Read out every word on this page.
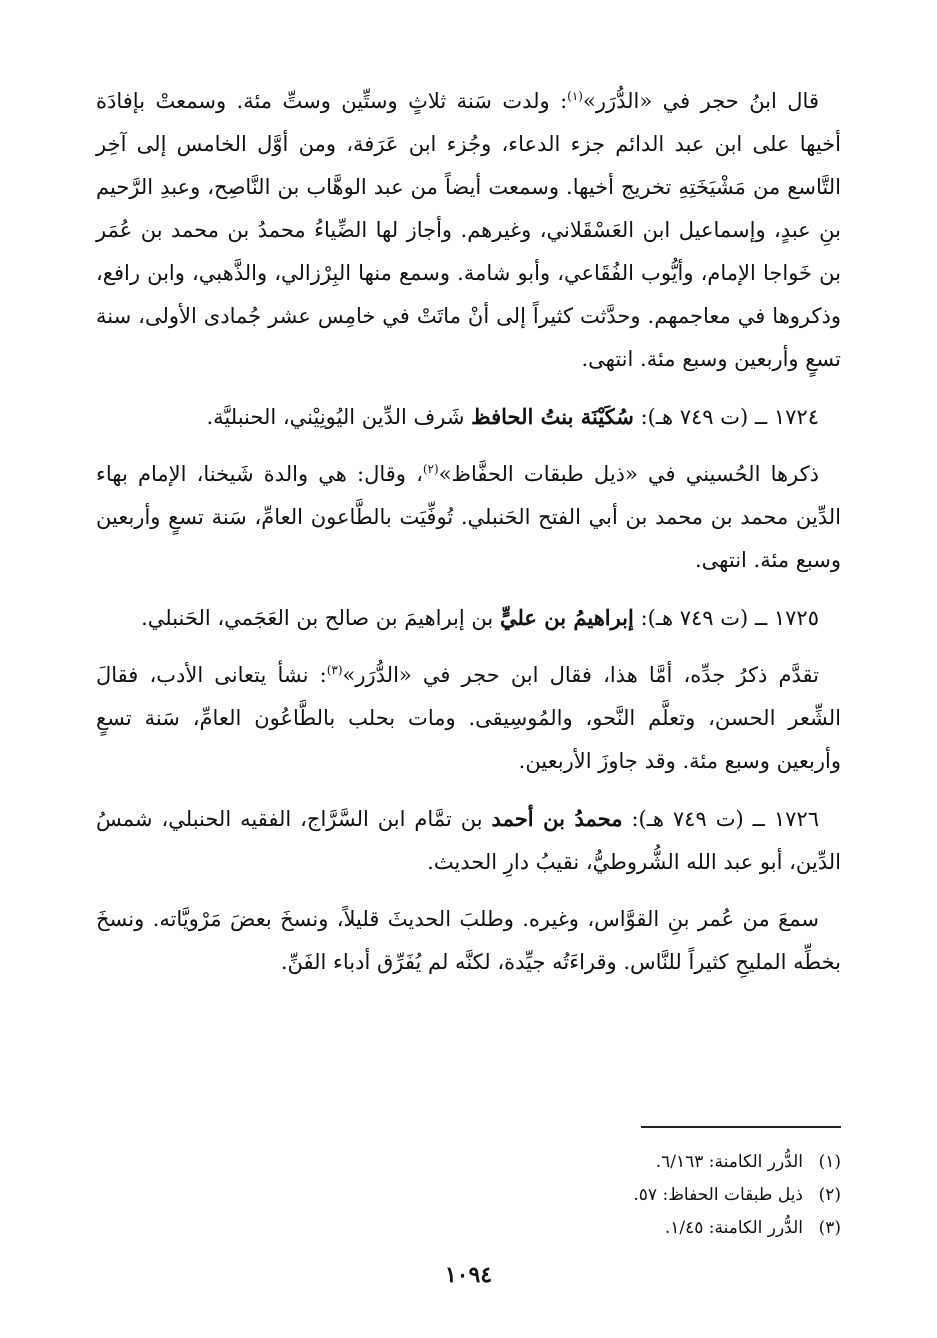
قال ابنُ حجر في «الدُّرَر»$^{(١)}$: ولدت سَنة ثلاثٍ وستِّين وستِّ مئة. وسمعتْ بإفادَة أخيها على ابن عبد الدائم جزء الدعاء، وجُزء ابن عَرَفة، ومن أوَّل الخامس إلى آخِر التَّاسع من مَشْيَخَتِهِ تخريج أخيها. وسمعت أيضاً من عبد الوهَّاب بن النَّاصِح، وعبدِ الرَّحيم بنِ عبدٍ، وإسماعيل ابن العَسْقَلاني، وغيرهم. وأجاز لها الضِّياءُ محمدُ بن محمد بن عُمَر بن خَواجا الإمام، وأيُّوب الفُقَاعي، وأبو شامة. وسمع منها البِرْزالي، والذَّهبي، وابن رافع، وذكروها في معاجمهم. وحدَّثت كثيراً إلى أنْ ماتَتْ في خامِس عشر جُمادى الأولى، سنة تسعٍ وأربعين وسبع مئة. انتهى.

١٧٢٤ ــ (ت ٧٤٩ هـ): سُكَيْنَة بنتُ الحافظ شَرف الدِّين اليُونِيْني، الحنبليَّة.

ذكرها الحُسيني في «ذيل طبقات الحفَّاظ»$^{(٢)}$، وقال: هي والدة شَيخنا، الإمام بهاء الدِّين محمد بن محمد بن أبي الفتح الحَنبلي. تُوفِّيَت بالطَّاعون العامِّ، سَنة تسعٍ وأربعين وسبع مئة. انتهى.

١٧٢٥ ــ (ت ٧٤٩ هـ): إبراهيمُ بن عليٍّ بن إبراهيمَ بن صالح بن العَجَمي، الحَنبلي.

تقدَّم ذكرُ جدِّه، أمَّا هذا، فقال ابن حجر في «الدُّرَر»$^{(٣)}$: نشأ يتعانى الأدب، فقالَ الشِّعر الحسن، وتعلَّم النَّحو، والمُوسِيقى. ومات بحلب بالطَّاعُون العامِّ، سَنة تسعٍ وأربعين وسبع مئة. وقد جاوزَ الأربعين.

١٧٢٦ ــ (ت ٧٤٩ هـ): محمدُ بن أحمد بن تمَّام ابن السَّرَّاج، الفقيه الحنبلي، شمسُ الدِّين، أبو عبد الله الشُّروطيُّ، نقيبُ دارِ الحديث.

سمعَ من عُمر بنِ القوَّاس، وغيره. وطلبَ الحديثَ قليلاً، ونسخَ بعضَ مَرْويَّاته. ونسخَ بخطِّه المليحِ كثيراً للنَّاس. وقراءَتُه جيِّدة، لكنَّه لم يُفَرِّق أدباء الفَنِّ.

(١)الدُّرر الكامنة: ٦/١٦٣.
(٢)ذيل طبقات الحفاظ: ٥٧.
(٣)الدُّرر الكامنة: ١/٤٥.
١٠٩٤
